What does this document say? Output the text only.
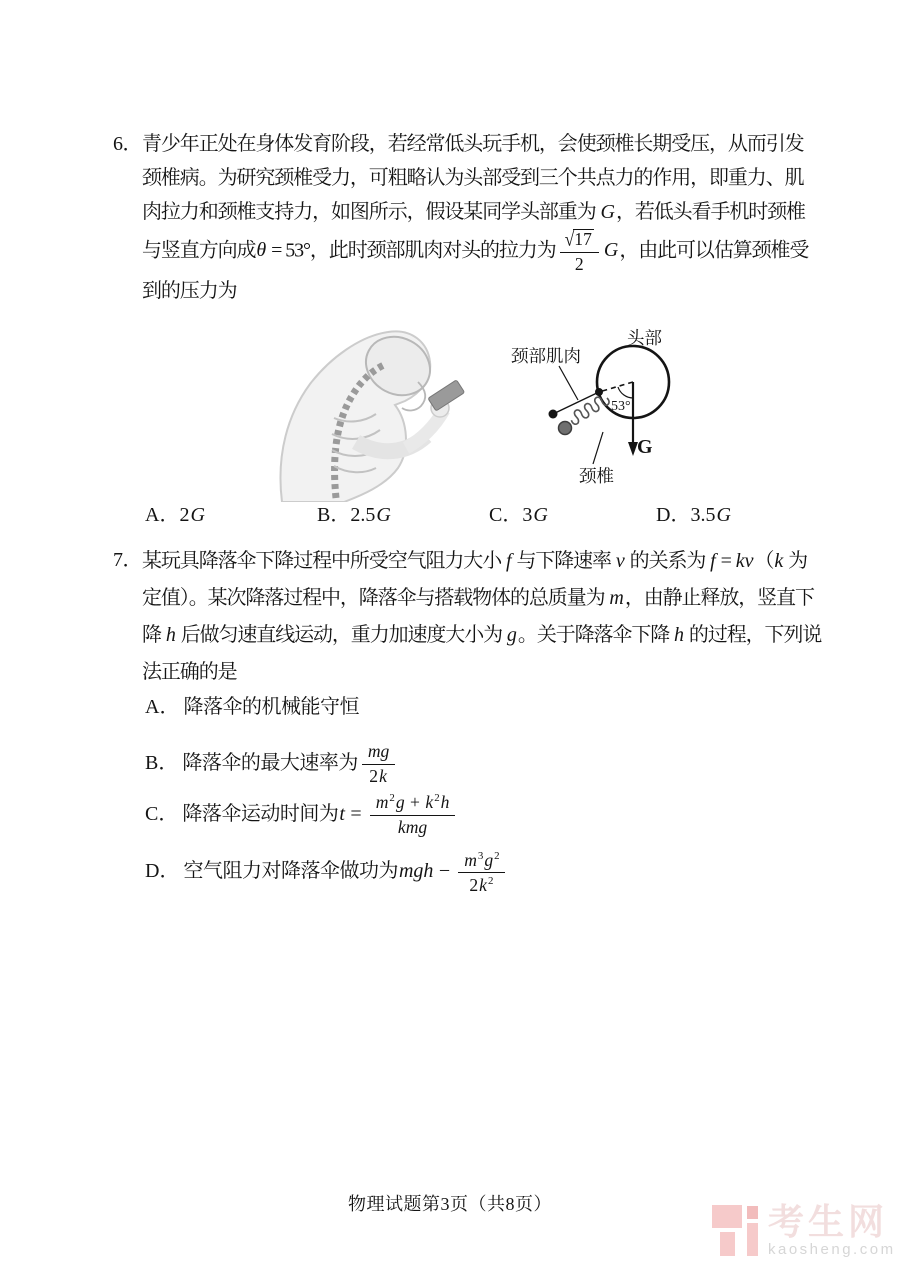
6． 青少年正处在身体发育阶段，若经常低头玩手机，会使颈椎长期受压，从而引发
颈椎病。为研究颈椎受力，可粗略认为头部受到三个共点力的作用，即重力、肌
肉拉力和颈椎支持力，如图所示，假设某同学头部重为 G，若低头看手机时颈椎
与竖直方向成θ = 53°，此时颈部肌肉对头的拉力为 $\frac{√17}{2}$ G，由此可以估算颈椎受
到的压力为
头部
颈部肌肉
颈椎
G
53°
A．2G	B．2.5G	C．3G	D．3.5G
7． 某玩具降落伞下降过程中所受空气阻力大小 f 与下降速率 v 的关系为 f = kv（k 为
定值）。某次降落过程中，降落伞与搭载物体的总质量为 m，由静止释放，竖直下
降 h 后做匀速直线运动，重力加速度大小为 g。关于降落伞下降 h 的过程，下列说
法正确的是
A． 降落伞的机械能守恒
B． 降落伞的最大速率为 $\frac{mg}{2k}$
C． 降落伞运动时间为$t = \frac{m^2g + k^2h}{\text{kmg}}$
D． 空气阻力对降落伞做功为mgh − $\frac{m^3g^2}{2k^2}$
物理试题第3页（共8页）	考生网
kaosheng.com
